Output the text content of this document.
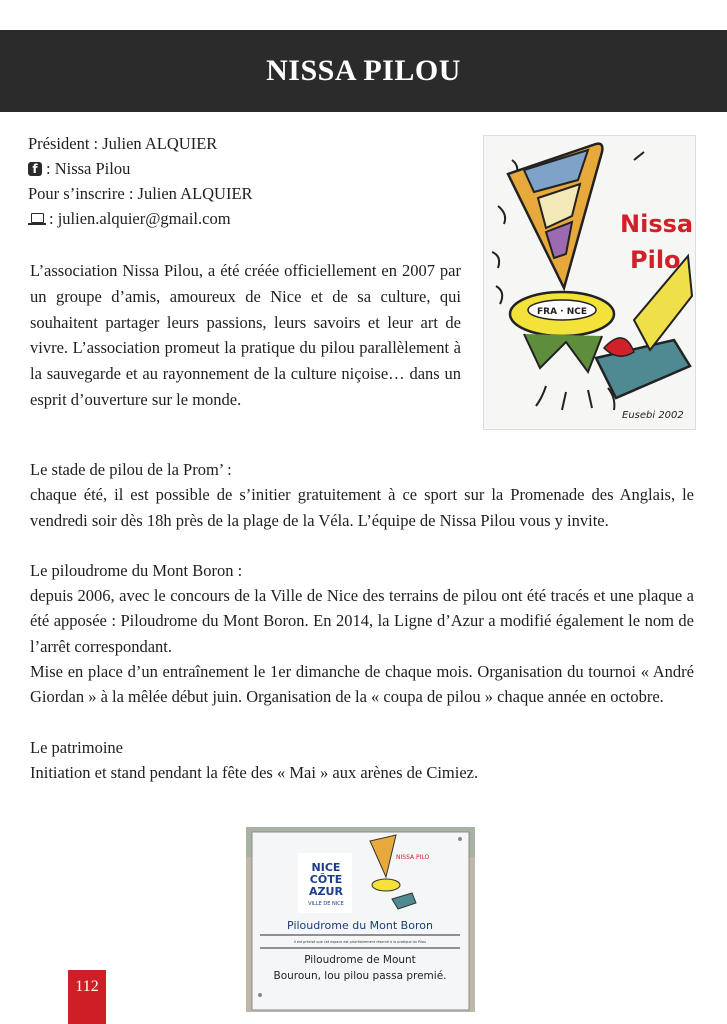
NISSA PILOU
Président : Julien ALQUIER
f : Nissa Pilou
Pour s’inscrire : Julien ALQUIER
: julien.alquier@gmail.com

L’association Nissa Pilou, a été créée officiellement en 2007 par un groupe d’amis, amoureux de Nice et de sa culture, qui souhaitent partager leurs passions, leurs savoirs et leur art de vivre. L’association promeut la pratique du pilou parallèlement à la sauvegarde et au rayonnement de la culture niçoise… dans un esprit d’ouverture sur le monde.

FRA · NCE
Nissa
Pilo
Eusebi 2002

Le stade de pilou de la Prom’ :
chaque été, il est possible de s’initier gratuitement à ce sport sur la Promenade des Anglais, le vendredi soir dès 18h près de la plage de la Véla. L’équipe de Nissa Pilou vous y invite.

Le piloudrome du Mont Boron :
depuis 2006, avec le concours de la Ville de Nice des terrains de pilou ont été tracés et une plaque a été apposée : Piloudrome du Mont Boron. En 2014, la Ligne d’Azur a modifié également le nom de l’arrêt correspondant.
Mise en place d’un entraînement le 1er dimanche de chaque mois. Organisation du tournoi « André Giordan » à la mêlée début juin. Organisation de la « coupa de pilou » chaque année en octobre.

Le patrimoine
Initiation et stand pendant la fête des « Mai » aux arènes de Cimiez.

NICE
CÔTE
AZUR
VILLE DE NICE
NISSA PILO
Piloudrome du Mont Boron
Il est précisé que cet espace est prioritairement réservé à la pratique du Pilou
Piloudrome de Mount
Bouroun, lou pilou passa premié.
112
